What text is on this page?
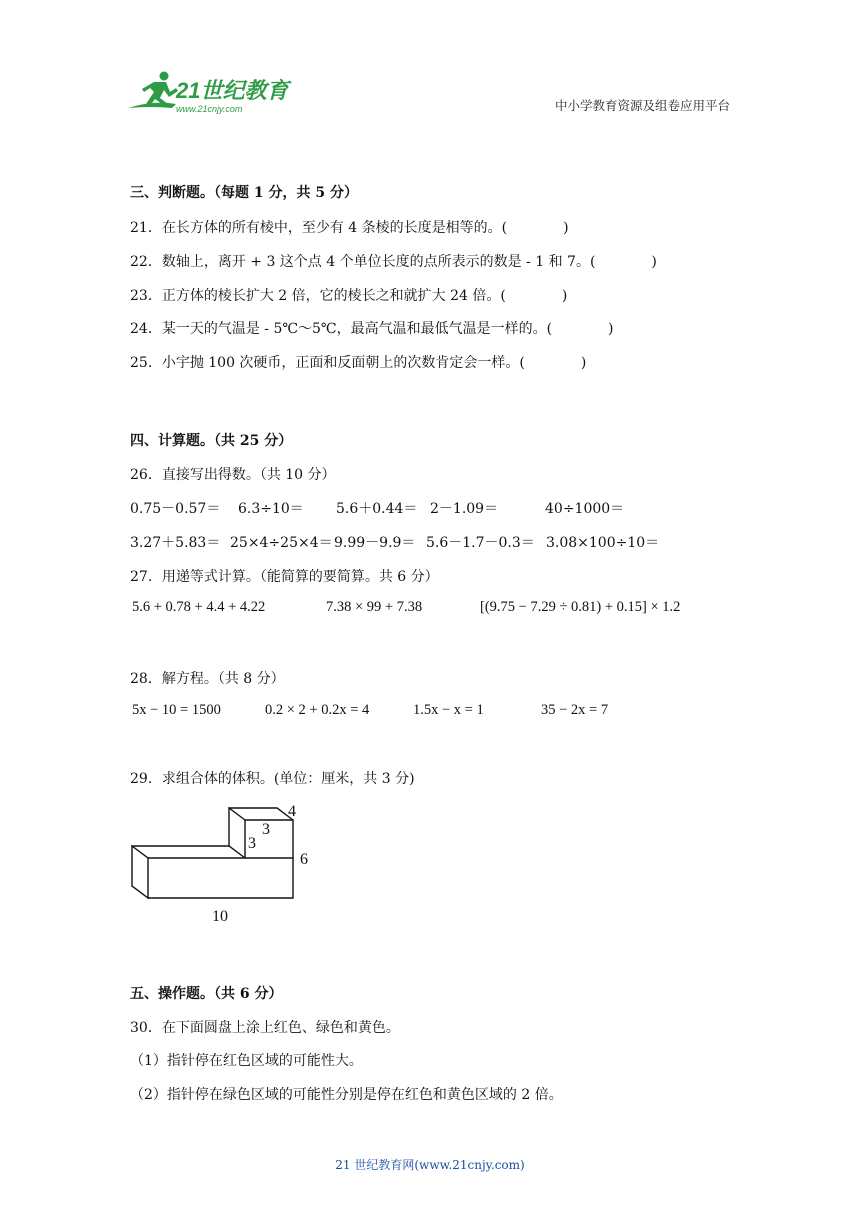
21世纪教育
www.21cnjy.com	中小学教育资源及组卷应用平台
三、判断题。（每题 1 分，共 5 分）
21．在长方体的所有棱中，至少有 4 条棱的长度是相等的。(	)
22．数轴上，离开 + 3 这个点 4 个单位长度的点所表示的数是 - 1 和 7。(	)
23．正方体的棱长扩大 2 倍，它的棱长之和就扩大 24 倍。(	)
24．某一天的气温是 - 5℃～5℃，最高气温和最低气温是一样的。(	)
25．小宇抛 100 次硬币，正面和反面朝上的次数肯定会一样。(	)
四、计算题。（共 25 分）
26．直接写出得数。（共 10 分）
0.75－0.57＝ 6.3÷10＝ 5.6＋0.44＝ 2－1.09＝	40÷1000＝
3.27＋5.83＝ 25×4÷25×4＝ 9.99－9.9＝ 5.6－1.7－0.3＝ 3.08×100÷10＝
27．用递等式计算。（能简算的要简算。共 6 分）
5.6 + 0.78 + 4.4 + 4.22	7.38 × 99 + 7.38	[(9.75 − 7.29 ÷ 0.81) + 0.15] × 1.2
28．解方程。（共 8 分）
5x − 10 = 1500	0.2 × 2 + 0.2x = 4	1.5x − x = 1	35 − 2x = 7
29．求组合体的体积。(单位：厘米，共 3 分)
4
3
3
6
10
五、操作题。（共 6 分）
30．在下面圆盘上涂上红色、绿色和黄色。
（1）指针停在红色区域的可能性大。
（2）指针停在绿色区域的可能性分别是停在红色和黄色区域的 2 倍。
21 世纪教育网(www.21cnjy.com)
